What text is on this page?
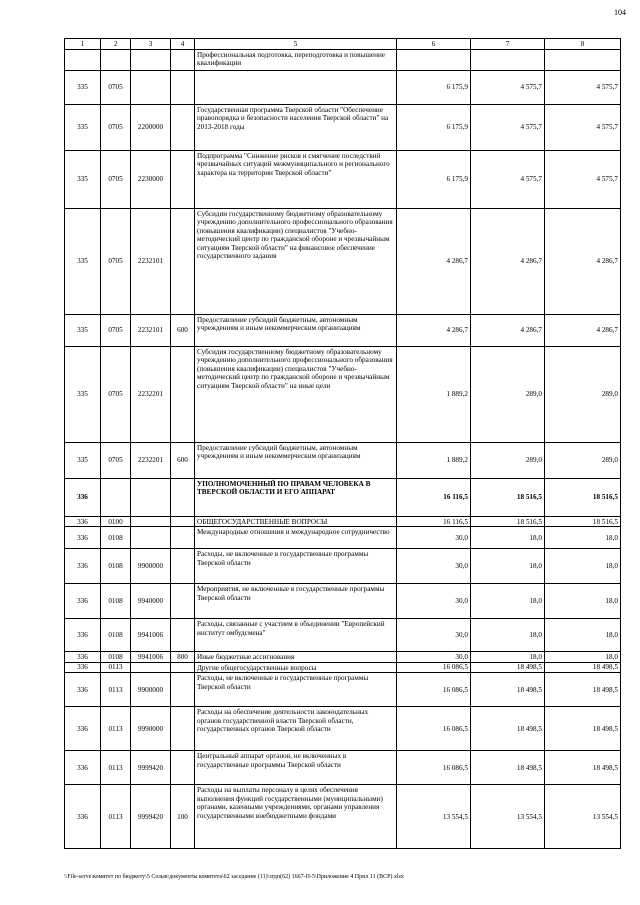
104
1	2	3	4	5	6	7	8
				Профессиональная подготовка, переподготовка и повышение квалификации			
335	0705				6 175,9	4 575,7	4 575,7
335	0705	2200000		Государственная программа Тверской области "Обеспечение правопорядка и безопасности населения Тверской области" на 2013-2018 годы	6 175,9	4 575,7	4 575,7
335	0705	2230000		Подпрограмма "Снижение рисков и смягчение последствий чрезвычайных ситуаций межмуниципального и регионального характера на территории Тверской области"	6 175,9	4 575,7	4 575,7
335	0705	2232101		Субсидии государственному бюджетному образовательному учреждению дополнительного профессионального образования (повышения квалификации) специалистов "Учебно-методический центр по гражданской обороне и чрезвычайным ситуациям Тверской области" на финансовое обеспечение государственного задания	4 286,7	4 286,7	4 286,7
335	0705	2232101	600	Предоставление субсидий бюджетным, автономным учреждениям и иным некоммерческим организациям	4 286,7	4 286,7	4 286,7
335	0705	2232201		Субсидия государственному бюджетному образовательному учреждению дополнительного профессионального образования (повышения квалификации) специалистов "Учебно-методический центр по гражданской обороне и чрезвычайным ситуациям Тверской области" на иные цели	1 889,2	289,0	289,0
335	0705	2232201	600	Предоставление субсидий бюджетным, автономным учреждениям и иным некоммерческим организациям	1 889,2	289,0	289,0
336				УПОЛНОМОЧЕННЫЙ ПО ПРАВАМ ЧЕЛОВЕКА В ТВЕРСКОЙ ОБЛАСТИ И ЕГО АППАРАТ	16 116,5	18 516,5	18 516,5
336	0100			ОБЩЕГОСУДАРСТВЕННЫЕ ВОПРОСЫ	16 116,5	18 516,5	18 516,5
336	0108			Международные отношения и международное сотрудничество	30,0	18,0	18,0
336	0108	9900000		Расходы, не включенные в государственные программы Тверской области	30,0	18,0	18,0
336	0108	9940000		Мероприятия, не включенные в государственные программы Тверской области	30,0	18,0	18,0
336	0108	9941006		Расходы, связанные с участием в объединении "Европейский институт омбудсмена"	30,0	18,0	18,0
336	0108	9941006	800	Иные бюджетные ассигнования	30,0	18,0	18,0
336	0113			Другие общегосударственные вопросы	16 086,5	18 498,5	18 498,5
336	0113	9900000		Расходы, не включенные в государственные программы Тверской области	16 086,5	18 498,5	18 498,5
336	0113	9990000		Расходы на обеспечение деятельности законодательных органов государственной власти Тверской области, государственных органов Тверской области	16 086,5	18 498,5	18 498,5
336	0113	9999420		Центральный аппарат органов, не включенных в государственные программы Тверской области	16 086,5	18 498,5	18 498,5
336	0113	9999420	100	Расходы на выплаты персоналу в целях обеспечения выполнения функций государственными (муниципальными) органами, казенными учреждениями, органами управления государственными внебюджетными фондами	13 554,5	13 554,5	13 554,5
\\File-serve\комитет по бюджету\5 Созыв\документы комитета\62 заседание (11)\згдп(62) 1667-П-5\Приложение 4 Прил 11 (ВСР).xlsx
